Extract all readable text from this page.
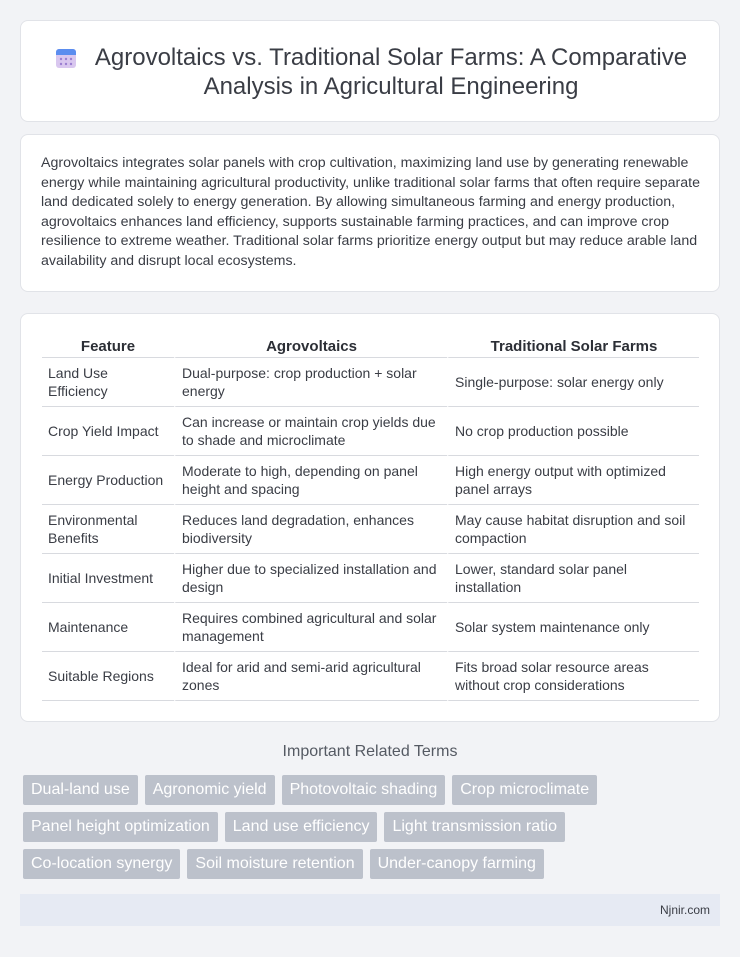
Agrovoltaics vs. Traditional Solar Farms: A Comparative Analysis in Agricultural Engineering

Agrovoltaics integrates solar panels with crop cultivation, maximizing land use by generating renewable energy while maintaining agricultural productivity, unlike traditional solar farms that often require separate land dedicated solely to energy generation. By allowing simultaneous farming and energy production, agrovoltaics enhances land efficiency, supports sustainable farming practices, and can improve crop resilience to extreme weather. Traditional solar farms prioritize energy output but may reduce arable land availability and disrupt local ecosystems.

Feature	Agrovoltaics	Traditional Solar Farms
Land Use Efficiency	Dual-purpose: crop production + solar energy	Single-purpose: solar energy only
Crop Yield Impact	Can increase or maintain crop yields due to shade and microclimate	No crop production possible
Energy Production	Moderate to high, depending on panel height and spacing	High energy output with optimized panel arrays
Environmental Benefits	Reduces land degradation, enhances biodiversity	May cause habitat disruption and soil compaction
Initial Investment	Higher due to specialized installation and design	Lower, standard solar panel installation
Maintenance	Requires combined agricultural and solar management	Solar system maintenance only
Suitable Regions	Ideal for arid and semi-arid agricultural zones	Fits broad solar resource areas without crop considerations
Important Related Terms
Dual-land use	Agronomic yield	Photovoltaic shading	Crop microclimate
Panel height optimization	Land use efficiency	Light transmission ratio
Co-location synergy	Soil moisture retention	Under-canopy farming
Njnir.com
